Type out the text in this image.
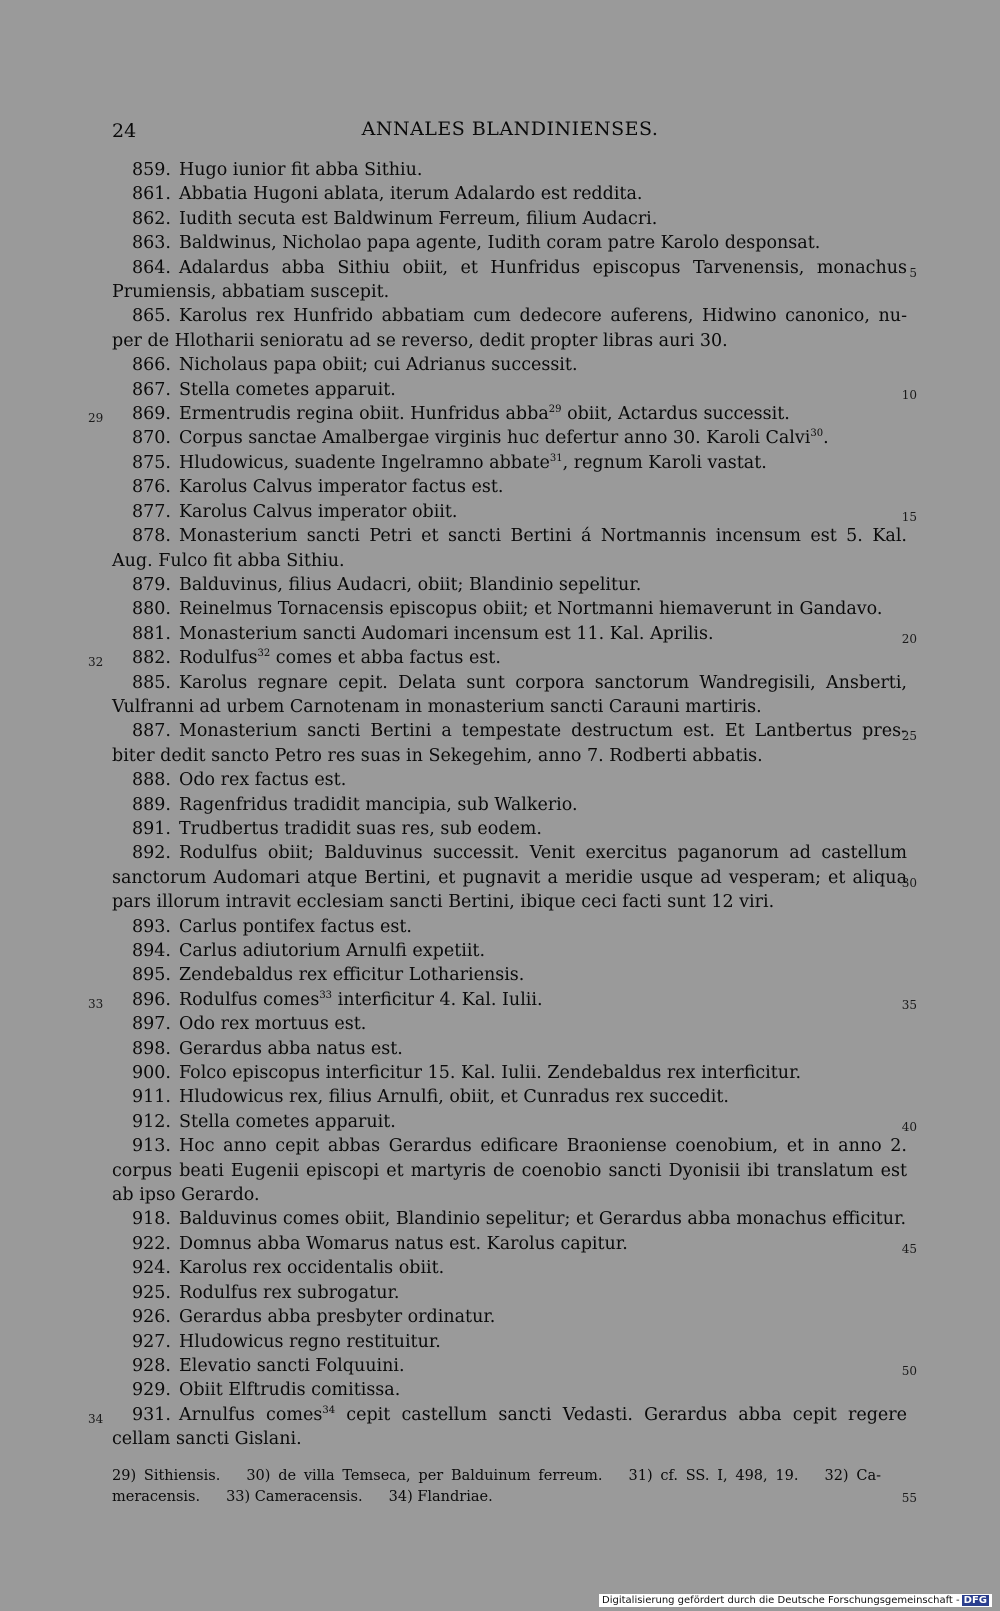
24	ANNALES BLANDINIENSES.
859. Hugo iunior fit abba Sithiu.
861. Abbatia Hugoni ablata, iterum Adalardo est reddita.
862. Iudith secuta est Baldwinum Ferreum, filium Audacri.
863. Baldwinus, Nicholao papa agente, Iudith coram patre Karolo desponsat.
864. Adalardus abba Sithiu obiit, et Hunfridus episcopus Tarvenensis, monachus
Prumiensis, abbatiam suscepit.
5
865. Karolus rex Hunfrido abbatiam cum dedecore auferens, Hidwino canonico, nu-
per de Hlotharii senioratu ad se reverso, dedit propter libras auri 30.
866. Nicholaus papa obiit; cui Adrianus successit.
867. Stella cometes apparuit.	10
29	869. Ermentrudis regina obiit. Hunfridus abba$^{29}$ obiit, Actardus successit.
870. Corpus sanctae Amalbergae virginis huc defertur anno 30. Karoli Calvi$^{30}$.
875. Hludowicus, suadente Ingelramno abbate$^{31}$, regnum Karoli vastat.
876. Karolus Calvus imperator factus est.
877. Karolus Calvus imperator obiit.	15
878. Monasterium sancti Petri et sancti Bertini á Nortmannis incensum est 5. Kal.
Aug. Fulco fit abba Sithiu.
879. Balduvinus, filius Audacri, obiit; Blandinio sepelitur.
880. Reinelmus Tornacensis episcopus obiit; et Nortmanni hiemaverunt in Gandavo.
881. Monasterium sancti Audomari incensum est 11. Kal. Aprilis.	20
32	882. Rodulfus$^{32}$ comes et abba factus est.
885. Karolus regnare cepit. Delata sunt corpora sanctorum Wandregisili, Ansberti,
Vulfranni ad urbem Carnotenam in monasterium sancti Carauni martiris.
887. Monasterium sancti Bertini a tempestate destructum est. Et Lantbertus pres-
biter dedit sancto Petro res suas in Sekegehim, anno 7. Rodberti abbatis.
25
888. Odo rex factus est.
889. Ragenfridus tradidit mancipia, sub Walkerio.
891. Trudbertus tradidit suas res, sub eodem.
892. Rodulfus obiit; Balduvinus successit. Venit exercitus paganorum ad castellum
sanctorum Audomari atque Bertini, et pugnavit a meridie usque ad vesperam; et aliqua
pars illorum intravit ecclesiam sancti Bertini, ibique ceci facti sunt 12 viri.
30
893. Carlus pontifex factus est.
894. Carlus adiutorium Arnulfi expetiit.
895. Zendebaldus rex efficitur Lothariensis.
33	896. Rodulfus comes$^{33}$ interficitur 4. Kal. Iulii.	35
897. Odo rex mortuus est.
898. Gerardus abba natus est.
900. Folco episcopus interficitur 15. Kal. Iulii. Zendebaldus rex interficitur.
911. Hludowicus rex, filius Arnulfi, obiit, et Cunradus rex succedit.
912. Stella cometes apparuit.	40
913. Hoc anno cepit abbas Gerardus edificare Braoniense coenobium, et in anno 2.
corpus beati Eugenii episcopi et martyris de coenobio sancti Dyonisii ibi translatum est
ab ipso Gerardo.
918. Balduvinus comes obiit, Blandinio sepelitur; et Gerardus abba monachus efficitur.
922. Domnus abba Womarus natus est. Karolus capitur.	45
924. Karolus rex occidentalis obiit.
925. Rodulfus rex subrogatur.
926. Gerardus abba presbyter ordinatur.
927. Hludowicus regno restituitur.
928. Elevatio sancti Folquuini.	50
929. Obiit Elftrudis comitissa.
34	931. Arnulfus comes$^{34}$ cepit castellum sancti Vedasti. Gerardus abba cepit regere
cellam sancti Gislani.
29) Sithiensis. 30) de villa Temseca, per Balduinum ferreum. 31) cf. SS. I, 498, 19. 32) Ca-
meracensis. 33) Cameracensis. 34) Flandriae.	55
Digitalisierung gefördert durch die Deutsche Forschungsgemeinschaft - DFG
